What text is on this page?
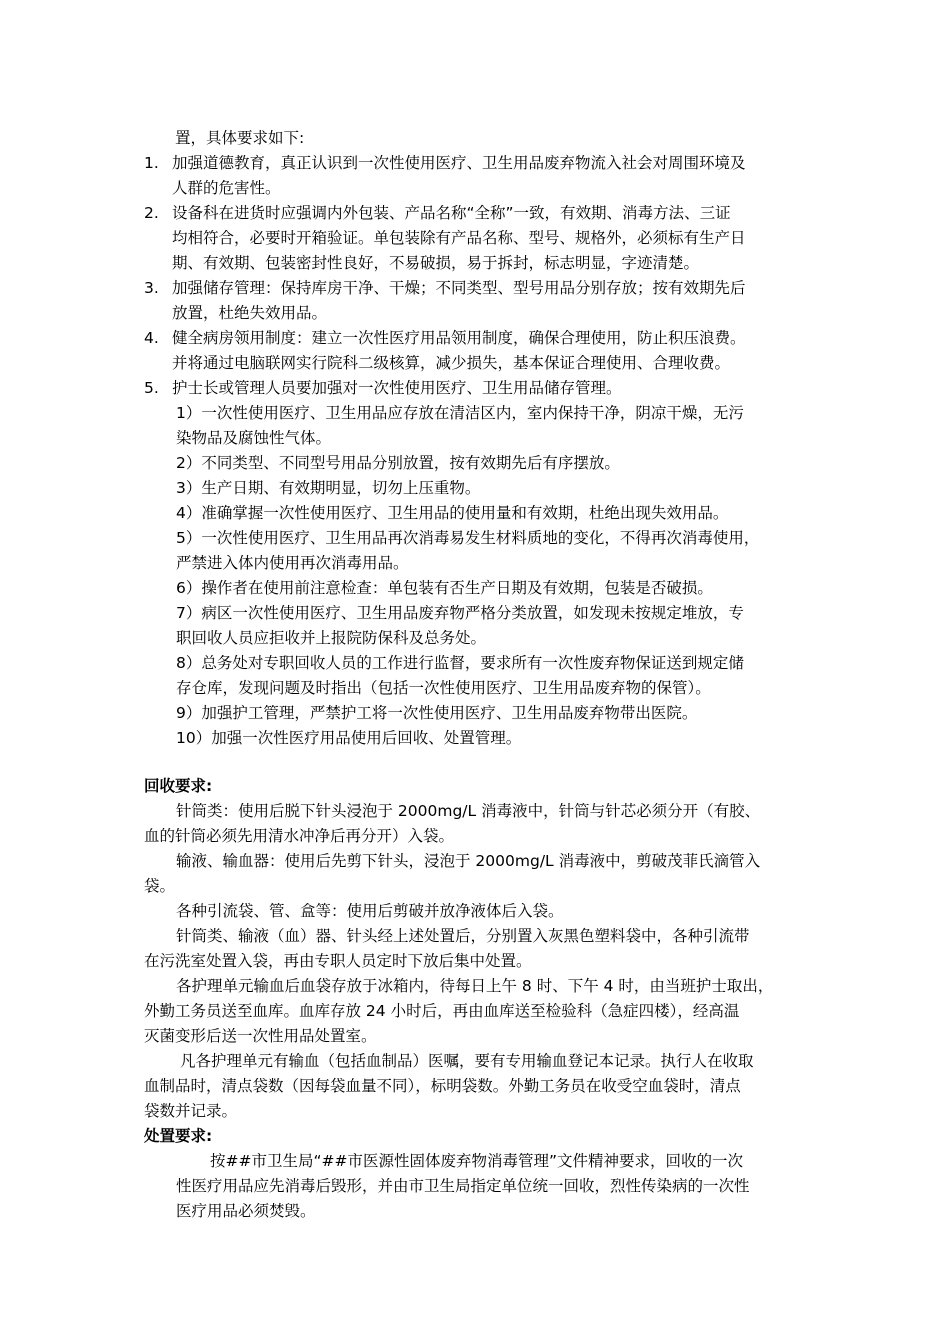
置，具体要求如下:
1. 加强道德教育，真正认识到一次性使用医疗、卫生用品废弃物流入社会对周围环境及
人群的危害性。
2. 设备科在进货时应强调内外包装、产品名称“全称”一致，有效期、消毒方法、三证
均相符合，必要时开箱验证。单包装除有产品名称、型号、规格外，必须标有生产日
期、有效期、包装密封性良好，不易破损，易于拆封，标志明显，字迹清楚。
3. 加强储存管理：保持库房干净、干燥；不同类型、型号用品分别存放；按有效期先后
放置，杜绝失效用品。
4. 健全病房领用制度：建立一次性医疗用品领用制度，确保合理使用，防止积压浪费。
并将通过电脑联网实行院科二级核算，减少损失，基本保证合理使用、合理收费。
5. 护士长或管理人员要加强对一次性使用医疗、卫生用品储存管理。
1）一次性使用医疗、卫生用品应存放在清洁区内，室内保持干净，阴凉干燥，无污
染物品及腐蚀性气体。
2）不同类型、不同型号用品分别放置，按有效期先后有序摆放。
3）生产日期、有效期明显，切勿上压重物。
4）准确掌握一次性使用医疗、卫生用品的使用量和有效期，杜绝出现失效用品。
5）一次性使用医疗、卫生用品再次消毒易发生材料质地的变化，不得再次消毒使用，
严禁进入体内使用再次消毒用品。
6）操作者在使用前注意检查：单包装有否生产日期及有效期，包装是否破损。
7）病区一次性使用医疗、卫生用品废弃物严格分类放置，如发现未按规定堆放，专
职回收人员应拒收并上报院防保科及总务处。
8）总务处对专职回收人员的工作进行监督，要求所有一次性废弃物保证送到规定储
存仓库，发现问题及时指出（包括一次性使用医疗、卫生用品废弃物的保管）。
9）加强护工管理，严禁护工将一次性使用医疗、卫生用品废弃物带出医院。
10）加强一次性医疗用品使用后回收、处置管理。
回收要求:
针筒类：使用后脱下针头浸泡于 2000mg/L 消毒液中，针筒与针芯必须分开（有胶、
血的针筒必须先用清水冲净后再分开）入袋。
输液、输血器：使用后先剪下针头，浸泡于 2000mg/L 消毒液中，剪破茂菲氏滴管入
袋。
各种引流袋、管、盒等：使用后剪破并放净液体后入袋。
针筒类、输液（血）器、针头经上述处置后，分别置入灰黑色塑料袋中，各种引流带
在污洗室处置入袋，再由专职人员定时下放后集中处置。
各护理单元输血后血袋存放于冰箱内，待每日上午 8 时、下午 4 时，由当班护士取出，
外勤工务员送至血库。血库存放 24 小时后，再由血库送至检验科（急症四楼），经高温
灭菌变形后送一次性用品处置室。
凡各护理单元有输血（包括血制品）医嘱，要有专用输血登记本记录。执行人在收取
血制品时，清点袋数（因每袋血量不同），标明袋数。外勤工务员在收受空血袋时，清点
袋数并记录。
处置要求:
按##市卫生局“##市医源性固体废弃物消毒管理”文件精神要求，回收的一次
性医疗用品应先消毒后毁形，并由市卫生局指定单位统一回收，烈性传染病的一次性
医疗用品必须焚毁。
